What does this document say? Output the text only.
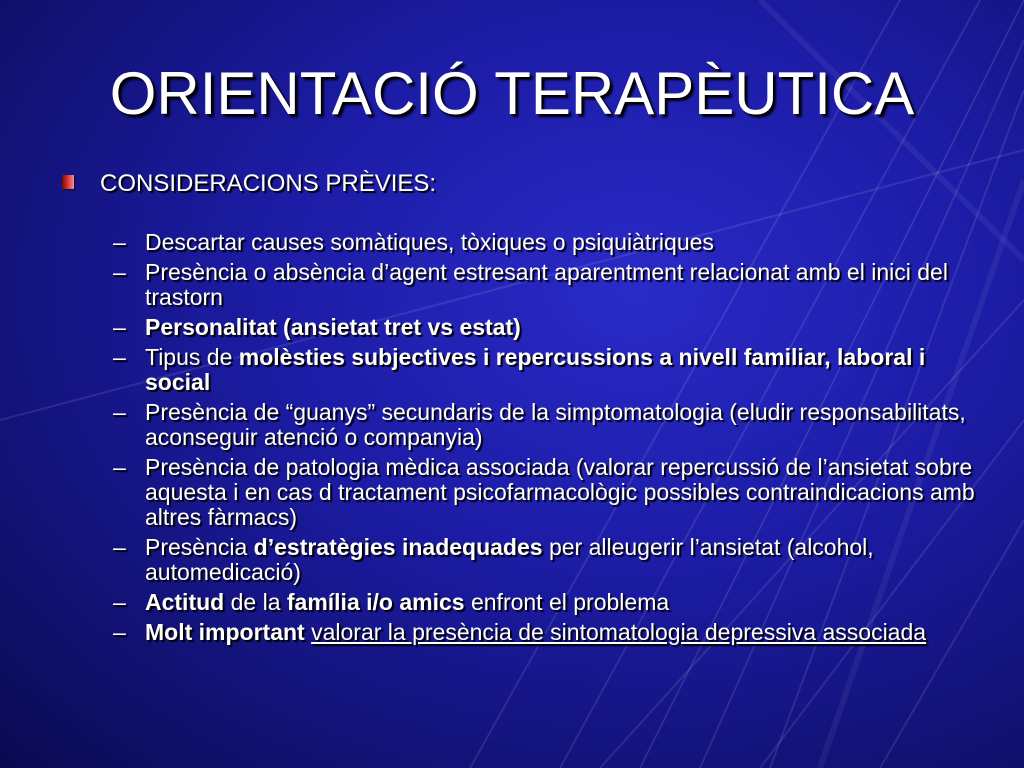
ORIENTACIÓ TERAPÈUTICA
CONSIDERACIONS PRÈVIES:
– Descartar causes somàtiques, tòxiques o psiquiàtriques
– Presència o absència d’agent estresant aparentment relacionat amb el inici del trastorn
– Personalitat (ansietat tret vs estat)
– Tipus de molèsties subjectives i repercussions a nivell familiar, laboral i social
– Presència de “guanys” secundaris de la simptomatologia (eludir responsabilitats, aconseguir atenció o companyia)
– Presència de patologia mèdica associada (valorar repercussió de l’ansietat sobre aquesta i en cas d tractament psicofarmacològic possibles contraindicacions amb altres fàrmacs)
– Presència d’estratègies inadequades per alleugerir l’ansietat (alcohol, automedicació)
– Actitud de la família i/o amics enfront el problema
– Molt important valorar la presència de sintomatologia depressiva associada
